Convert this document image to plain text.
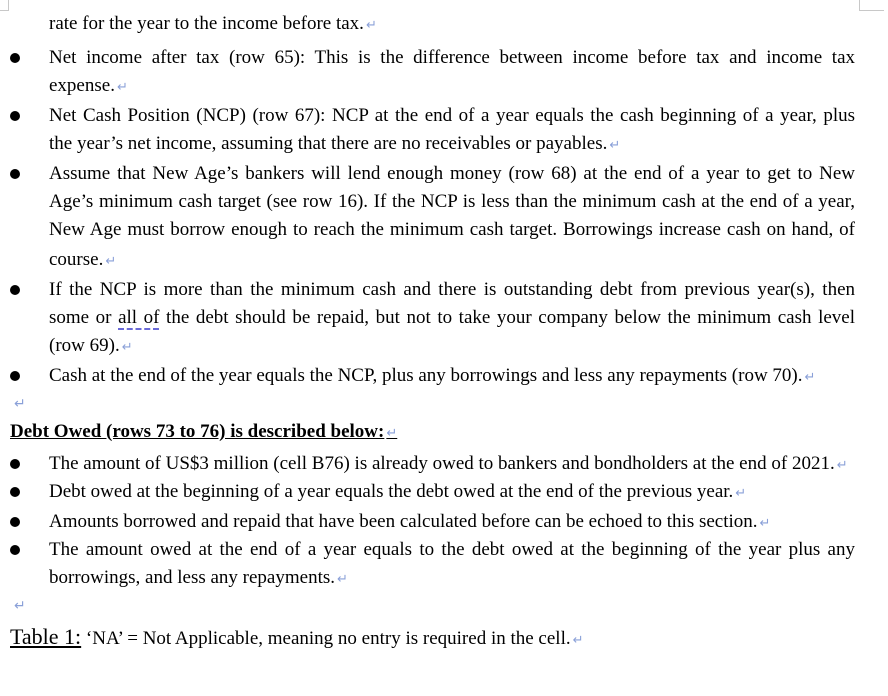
rate for the year to the income before tax. ↵
Net income after tax (row 65): This is the difference between income before tax and income tax
expense. ↵
Net Cash Position (NCP) (row 67): NCP at the end of a year equals the cash beginning of a year, plus
the year’s net income, assuming that there are no receivables or payables. ↵
Assume that New Age’s bankers will lend enough money (row 68) at the end of a year to get to New
Age’s minimum cash target (see row 16). If the NCP is less than the minimum cash at the end of a year,
New Age must borrow enough to reach the minimum cash target. Borrowings increase cash on hand, of
course. ↵
If the NCP is more than the minimum cash and there is outstanding debt from previous year(s), then
some or all of the debt should be repaid, but not to take your company below the minimum cash level
(row 69). ↵
Cash at the end of the year equals the NCP, plus any borrowings and less any repayments (row 70). ↵
↵
Debt Owed (rows 73 to 76) is described below: ↵
The amount of US$3 million (cell B76) is already owed to bankers and bondholders at the end of 2021. ↵
Debt owed at the beginning of a year equals the debt owed at the end of the previous year. ↵
Amounts borrowed and repaid that have been calculated before can be echoed to this section. ↵
The amount owed at the end of a year equals to the debt owed at the beginning of the year plus any
borrowings, and less any repayments. ↵
↵
Table 1: ‘NA’ = Not Applicable, meaning no entry is required in the cell. ↵
